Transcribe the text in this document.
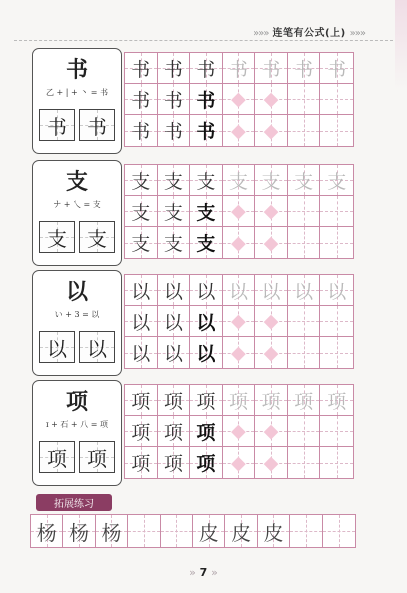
»»» 连笔有公式(上) »»»
书
乙 + | + 丶 = 书
书 书
书 书 书 书 书 书 书
书 书 书 ◆ ◆
书 书 书 ◆ ◆
支
ナ + 乀 = 支
支 支
支 支 支 支 支 支 支
支 支 支 ◆ ◆
支 支 支 ◆ ◆
以
い + 3 = 以
以 以
以 以 以 以 以 以 以
以 以 以 ◆ ◆
以 以 以 ◆ ◆
项
ɪ + 石 + 八 = 项
项 项
项 项 项 项 项 项 项
项 项 项 ◆ ◆
项 项 项 ◆ ◆
拓展练习
杨 杨 杨	皮 皮 皮
» 7 »
